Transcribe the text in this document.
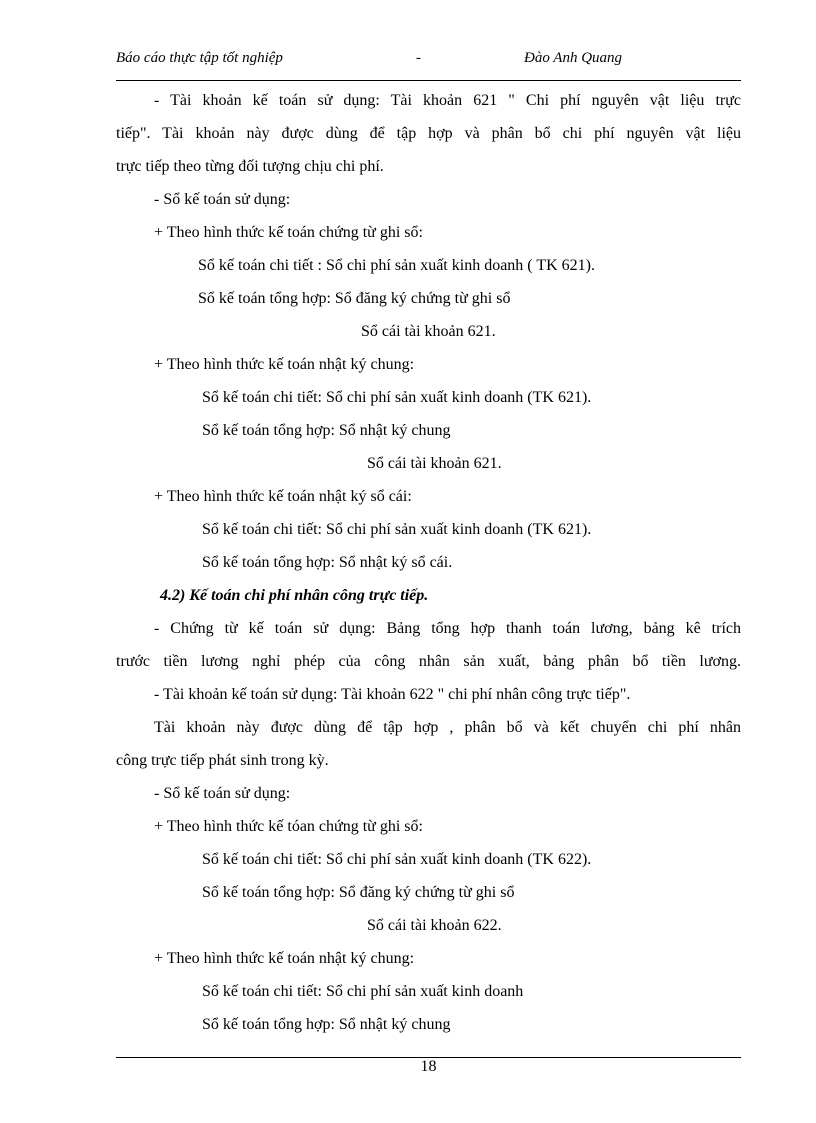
Báo cáo thực tập tốt nghiệp	-	Đào Anh Quang
- Tài khoản kế toán sử dụng: Tài khoản 621 " Chi phí nguyên vật liệu trực
tiếp". Tài khoản này được dùng để tập hợp và phân bổ chi phí nguyên vật liệu
trực tiếp theo từng đối tượng chịu chi phí.
- Sổ kế toán sử dụng:
+ Theo hình thức kế toán chứng từ ghi sổ:
Sổ kế toán chi tiết : Sổ chi phí sản xuất kinh doanh ( TK 621).
Sổ kế toán tổng hợp: Sổ đăng ký chứng từ ghi sổ
Sổ cái tài khoản 621.
+ Theo hình thức kế toán nhật ký chung:
Sổ kế toán chi tiết: Sổ chi phí sản xuất kinh doanh (TK 621).
Sổ kế toán tổng hợp: Sổ nhật ký chung
Sổ cái tài khoản 621.
+ Theo hình thức kế toán nhật ký sổ cái:
Sổ kế toán chi tiết: Sổ chi phí sản xuất kinh doanh (TK 621).
Sổ kế toán tổng hợp: Sổ nhật ký sổ cái.
4.2) Kế toán chi phí nhân công trực tiếp.
- Chứng từ kế toán sử dụng: Bảng tổng hợp thanh toán lương, bảng kê trích
trước tiền lương nghỉ phép của công nhân sản xuất, bảng phân bổ tiền lương.
- Tài khoản kế toán sử dụng: Tài khoản 622 " chi phí nhân công trực tiếp".
Tài khoản này được dùng để tập hợp , phân bổ và kết chuyển chi phí nhân
công trực tiếp phát sinh trong kỳ.
- Sổ kế toán sử dụng:
+ Theo hình thức kế tóan chứng từ ghi sổ:
Sổ kế toán chi tiết: Sổ chi phí sản xuất kinh doanh (TK 622).
Sổ kế toán tổng hợp: Sổ đăng ký chứng từ ghi sổ
Sổ cái tài khoản 622.
+ Theo hình thức kế toán nhật ký chung:
Sổ kế toán chi tiết: Sổ chi phí sản xuất kinh doanh
Sổ kế toán tổng hợp: Sổ nhật ký chung
18
